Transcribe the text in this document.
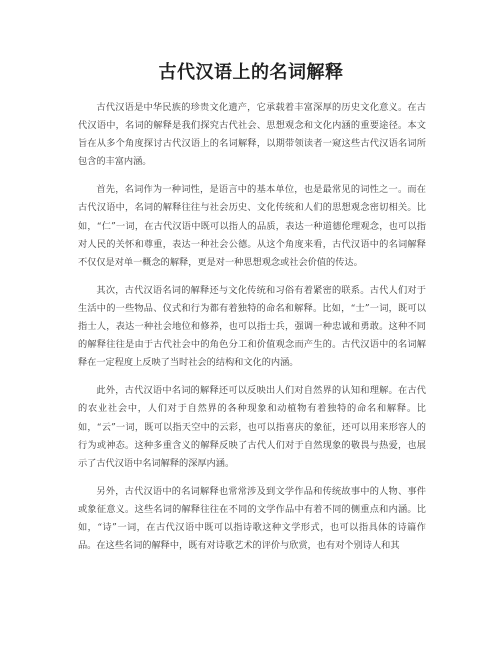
古代汉语上的名词解释

古代汉语是中华民族的珍贵文化遗产，它承载着丰富深厚的历史文化意义。在古代汉语中，名词的解释是我们探究古代社会、思想观念和文化内涵的重要途径。本文旨在从多个角度探讨古代汉语上的名词解释，以期带领读者一窥这些古代汉语名词所包含的丰富内涵。

首先，名词作为一种词性，是语言中的基本单位，也是最常见的词性之一。而在古代汉语中，名词的解释往往与社会历史、文化传统和人们的思想观念密切相关。比如，“仁”一词，在古代汉语中既可以指人的品质，表达一种道德伦理观念，也可以指对人民的关怀和尊重，表达一种社会公德。从这个角度来看，古代汉语中的名词解释不仅仅是对单一概念的解释，更是对一种思想观念或社会价值的传达。

其次，古代汉语名词的解释还与文化传统和习俗有着紧密的联系。古代人们对于生活中的一些物品、仪式和行为都有着独特的命名和解释。比如，“士”一词，既可以指士人，表达一种社会地位和修养，也可以指士兵，强调一种忠诚和勇敢。这种不同的解释往往是由于古代社会中的角色分工和价值观念而产生的。古代汉语中的名词解释在一定程度上反映了当时社会的结构和文化的内涵。

此外，古代汉语中名词的解释还可以反映出人们对自然界的认知和理解。在古代的农业社会中，人们对于自然界的各种现象和动植物有着独特的命名和解释。比如，“云”一词，既可以指天空中的云彩，也可以指喜庆的象征，还可以用来形容人的行为或神态。这种多重含义的解释反映了古代人们对于自然现象的敬畏与热爱，也展示了古代汉语中名词解释的深厚内涵。

另外，古代汉语中的名词解释也常常涉及到文学作品和传统故事中的人物、事件或象征意义。这些名词的解释往往在不同的文学作品中有着不同的侧重点和内涵。比如，“诗”一词，在古代汉语中既可以指诗歌这种文学形式，也可以指具体的诗篇作品。在这些名词的解释中，既有对诗歌艺术的评价与欣赏，也有对个别诗人和其
